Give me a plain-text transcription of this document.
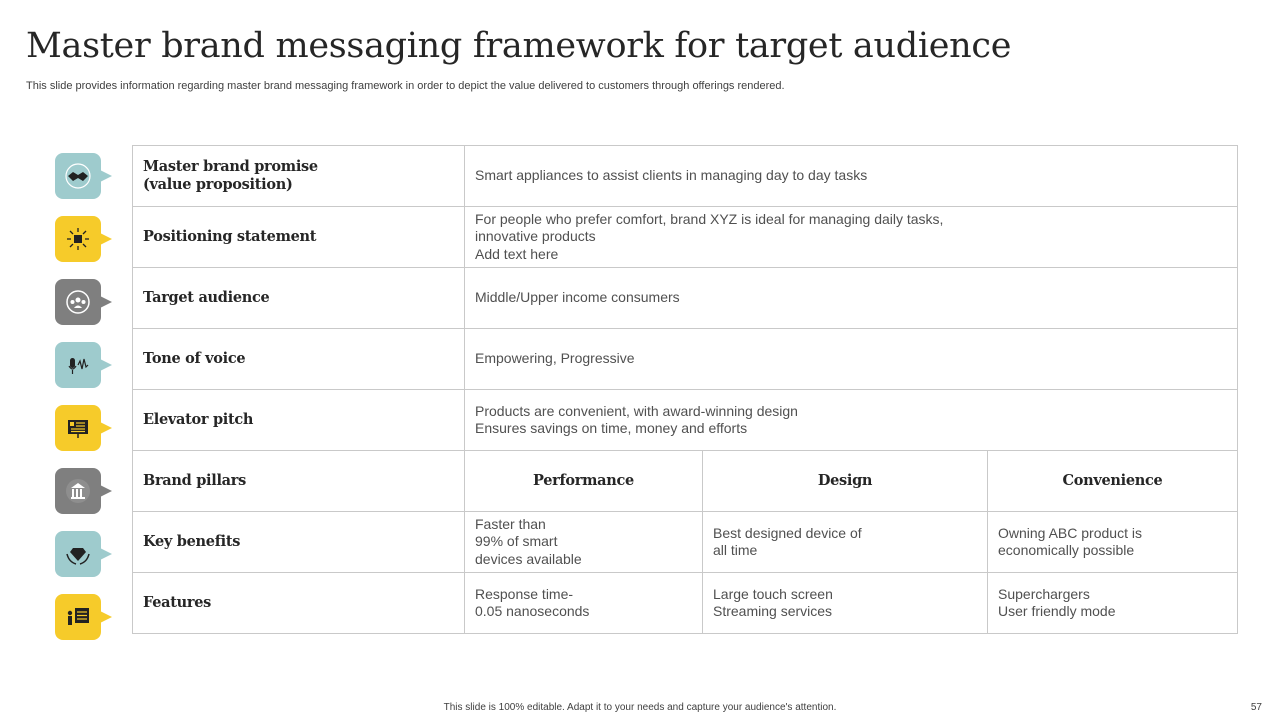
Master brand messaging framework for target audience
This slide provides information regarding master brand messaging framework in order to depict the value delivered to customers through offerings rendered.
Master brand promise
(value proposition)	Smart appliances to assist clients in managing day to day tasks		

Positioning statement	For people who prefer comfort, brand XYZ is ideal for managing daily tasks,
innovative products
Add text here		

Target audience	Middle/Upper income consumers		

Tone of voice	Empowering, Progressive		

Elevator pitch	Products are convenient, with award-winning design
Ensures savings on time, money and efforts		

Brand pillars	Performance	Design	Convenience
Key benefits	Faster than
99% of smart
devices available	Best designed device of
all time	Owning ABC product is
economically possible

Features	Response time-
0.05 nanoseconds	Large touch screen
Streaming services	Superchargers
User friendly mode
This slide is 100% editable. Adapt it to your needs and capture your audience's attention.	57
